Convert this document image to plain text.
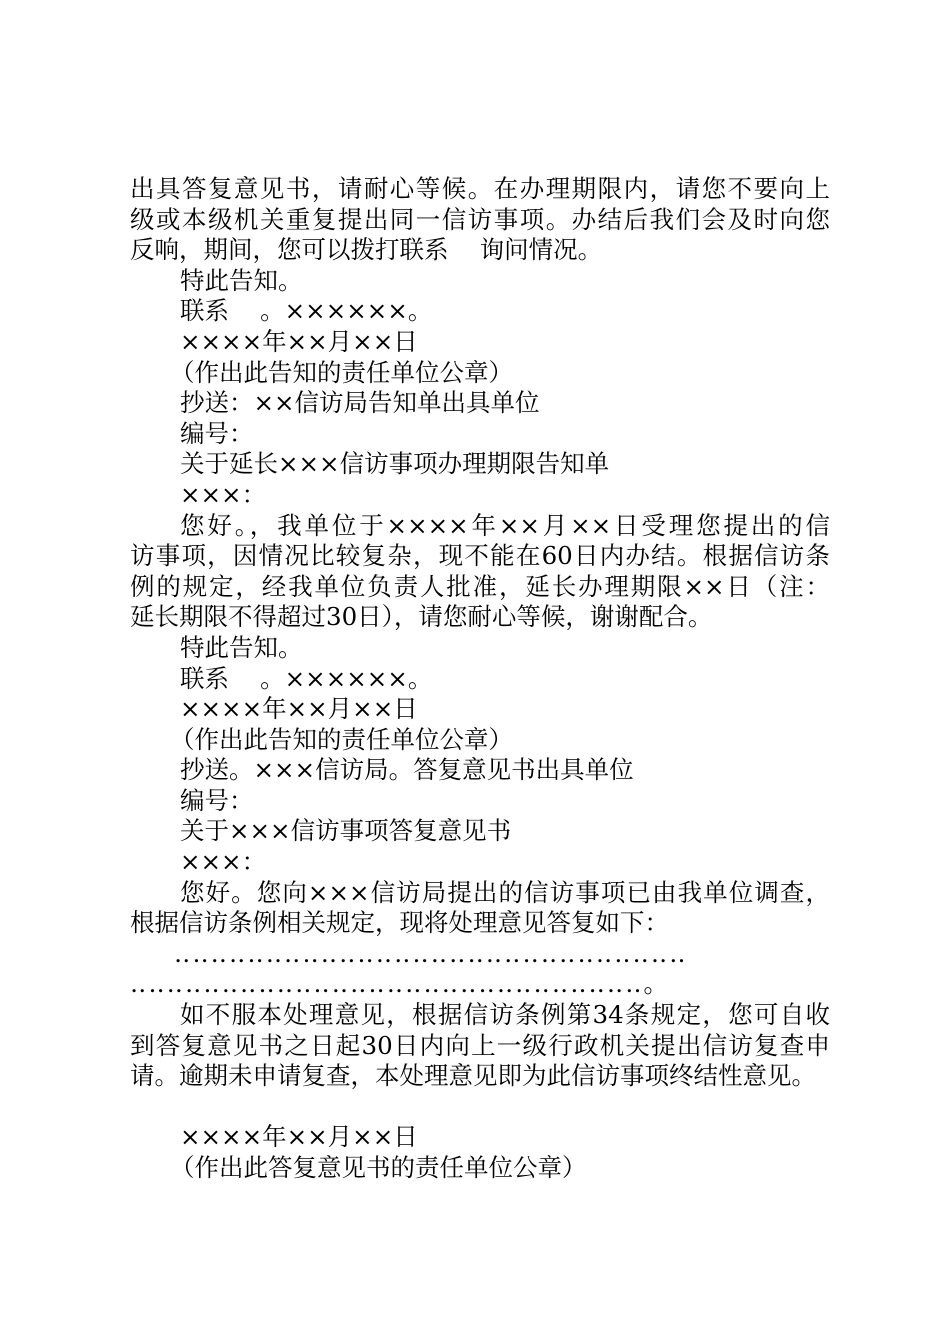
出具答复意见书，请耐心等候。在办理期限内，请您不要向上
级或本级机关重复提出同一信访事项。办结后我们会及时向您
反响，期间，您可以拨打联系    询问情况。
特此告知。
联系    。××××××。
××××年××月××日
（作出此告知的责任单位公章）
抄送：××信访局告知单出具单位
编号：
关于延长×××信访事项办理期限告知单
×××：
您好。，我单位于××××年××月××日受理您提出的信
访事项，因情况比较复杂，现不能在60日内办结。根据信访条
例的规定，经我单位负责人批准，延长办理期限××日（注：
延长期限不得超过30日），请您耐心等候，谢谢配合。
特此告知。
联系    。××××××。
××××年××月××日
（作出此告知的责任单位公章）
抄送。×××信访局。答复意见书出具单位
编号：
关于×××信访事项答复意见书
×××：
您好。您向×××信访局提出的信访事项已由我单位调查，
根据信访条例相关规定，现将处理意见答复如下：
‥‥‥‥‥‥‥‥‥‥‥‥‥‥‥‥‥‥‥‥‥‥‥‥‥‥‥‥
‥‥‥‥‥‥‥‥‥‥‥‥‥‥‥‥‥‥‥‥‥‥‥‥‥‥‥‥。
如不服本处理意见，根据信访条例第34条规定，您可自收
到答复意见书之日起30日内向上一级行政机关提出信访复查申
请。逾期未申请复查，本处理意见即为此信访事项终结性意见。
××××年××月××日
（作出此答复意见书的责任单位公章）
